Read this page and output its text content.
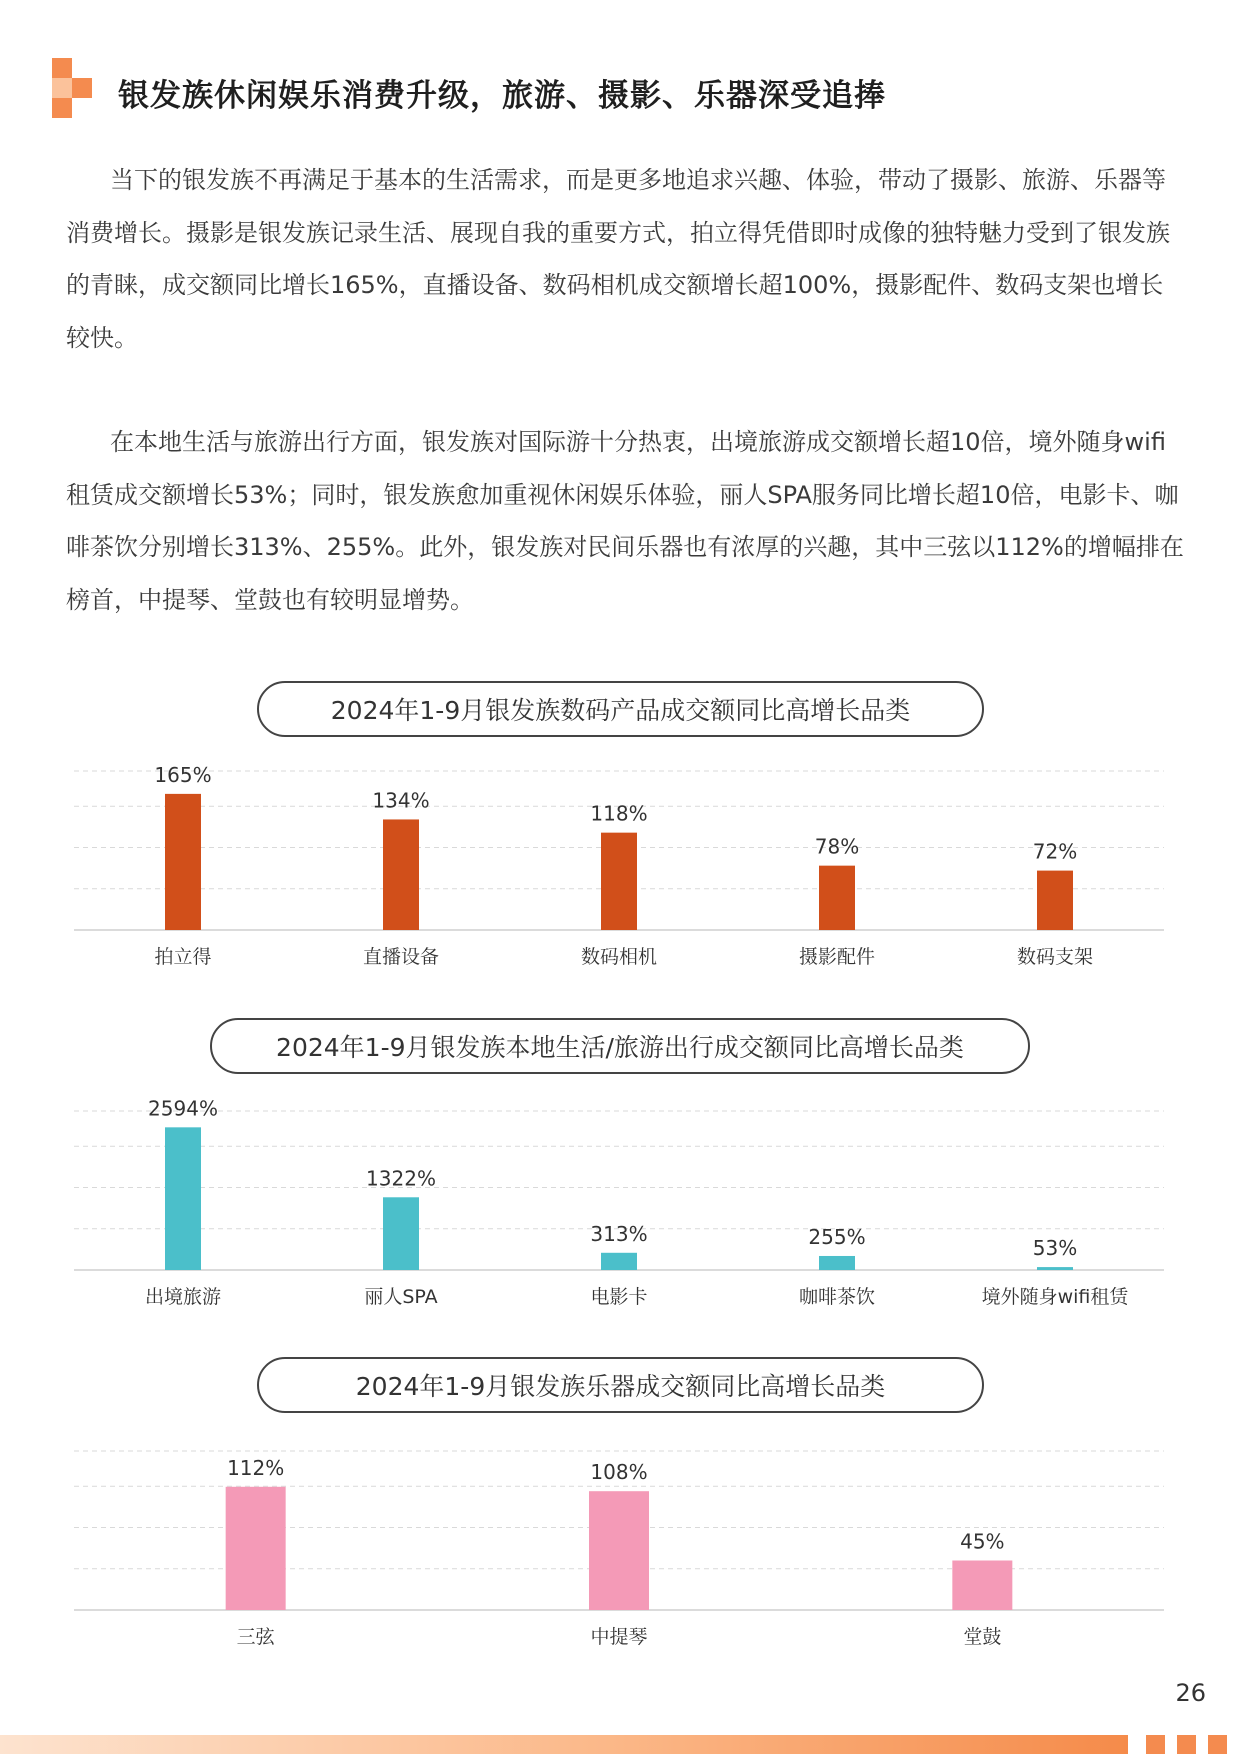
银发族休闲娱乐消费升级，旅游、摄影、乐器深受追捧

当下的银发族不再满足于基本的生活需求，而是更多地追求兴趣、体验，带动了摄影、旅游、乐器等消费增长。摄影是银发族记录生活、展现自我的重要方式，拍立得凭借即时成像的独特魅力受到了银发族的青睐，成交额同比增长165%，直播设备、数码相机成交额增长超100%，摄影配件、数码支架也增长较快。

在本地生活与旅游出行方面，银发族对国际游十分热衷，出境旅游成交额增长超10倍，境外随身wifi租赁成交额增长53%；同时，银发族愈加重视休闲娱乐体验，丽人SPA服务同比增长超10倍，电影卡、咖啡茶饮分别增长313%、255%。此外，银发族对民间乐器也有浓厚的兴趣，其中三弦以112%的增幅排在榜首，中提琴、堂鼓也有较明显增势。

2024年1-9月银发族数码产品成交额同比高增长品类
165%
拍立得
134%
直播设备
118%
数码相机
78%
摄影配件
72%
数码支架
2024年1-9月银发族本地生活/旅游出行成交额同比高增长品类
2594%
出境旅游
1322%
丽人SPA
313%
电影卡
255%
咖啡茶饮
53%
境外随身wifi租赁
2024年1-9月银发族乐器成交额同比高增长品类
112%
三弦
108%
中提琴
45%
堂鼓
26
